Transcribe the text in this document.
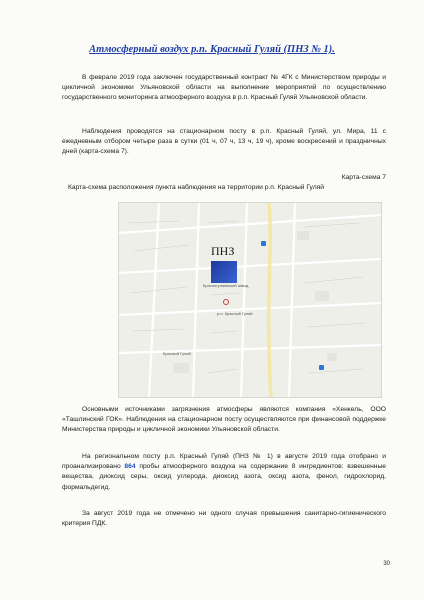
Атмосферный воздух р.п. Красный Гуляй (ПНЗ № 1).

В феврале 2019 года заключен государственный контракт № 4ГК с Министерством природы и цикличной экономики Ульяновской области на выполнение мероприятий по осуществлению государственного мониторинга атмосферного воздуха в р.п. Красный Гуляй Ульяновской области.

Наблюдения проводятся на стационарном посту в р.п. Красный Гуляй, ул. Мира, 11 с ежедневным отбором четыре раза в сутки (01 ч, 07 ч, 13 ч, 19 ч), кроме воскресений и праздничных дней (карта-схема 7).

Карта-схема 7

Карта-схема расположения пункта наблюдения на территории р.п. Красный Гуляй

ПНЗ

Красногуляевский завод

р.п. Красный Гуляй

Красный Гуляй

Основными источниками загрязнения атмосферы являются компания «Хенкель, ООО «Ташлинский ГОК». Наблюдения на стационарном посту осуществляются при финансовой поддержке Министерства природы и цикличной экономики Ульяновской области.

На региональном посту р.п. Красный Гуляй (ПНЗ № 1) в августе 2019 года отобрано и проанализировано 864 пробы атмосферного воздуха на содержание 8 ингредиентов: взвешенные вещества, диоксид серы, оксид углерода, диоксид азота, оксид азота, фенол, гидрохлорид, формальдегид.

За август 2019 года не отмечено ни одного случая превышения санитарно-гигиенического критерия ПДК.

30
